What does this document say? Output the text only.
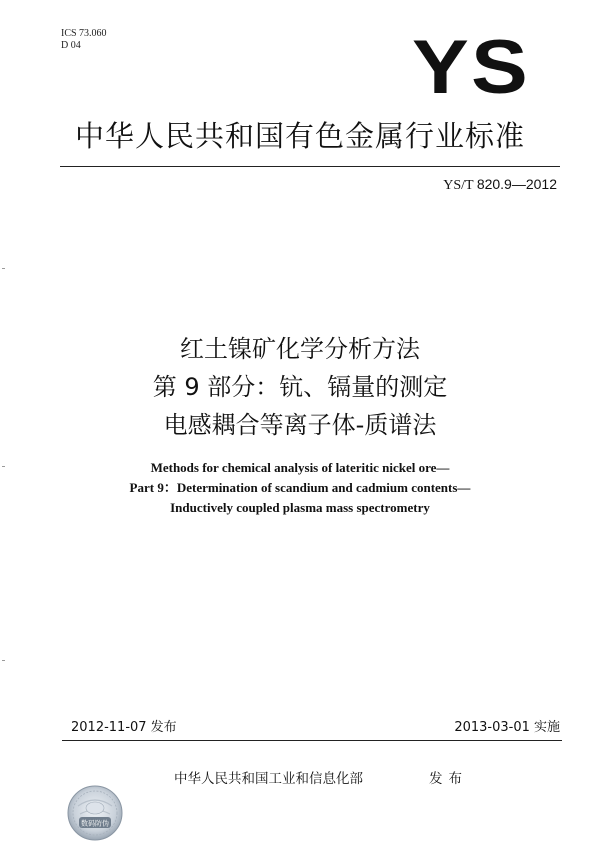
ICS 73.060
D 04	YS
中华人民共和国有色金属行业标准
YS/T 820.9—2012
红土镍矿化学分析方法
第 9 部分：钪、镉量的测定
电感耦合等离子体-质谱法
Methods for chemical analysis of lateritic nickel ore—
Part 9：Determination of scandium and cadmium contents—
Inductively coupled plasma mass spectrometry
2012-11-07 发布	2013-03-01 实施
中华人民共和国工业和信息化部	发布
数码防伪
